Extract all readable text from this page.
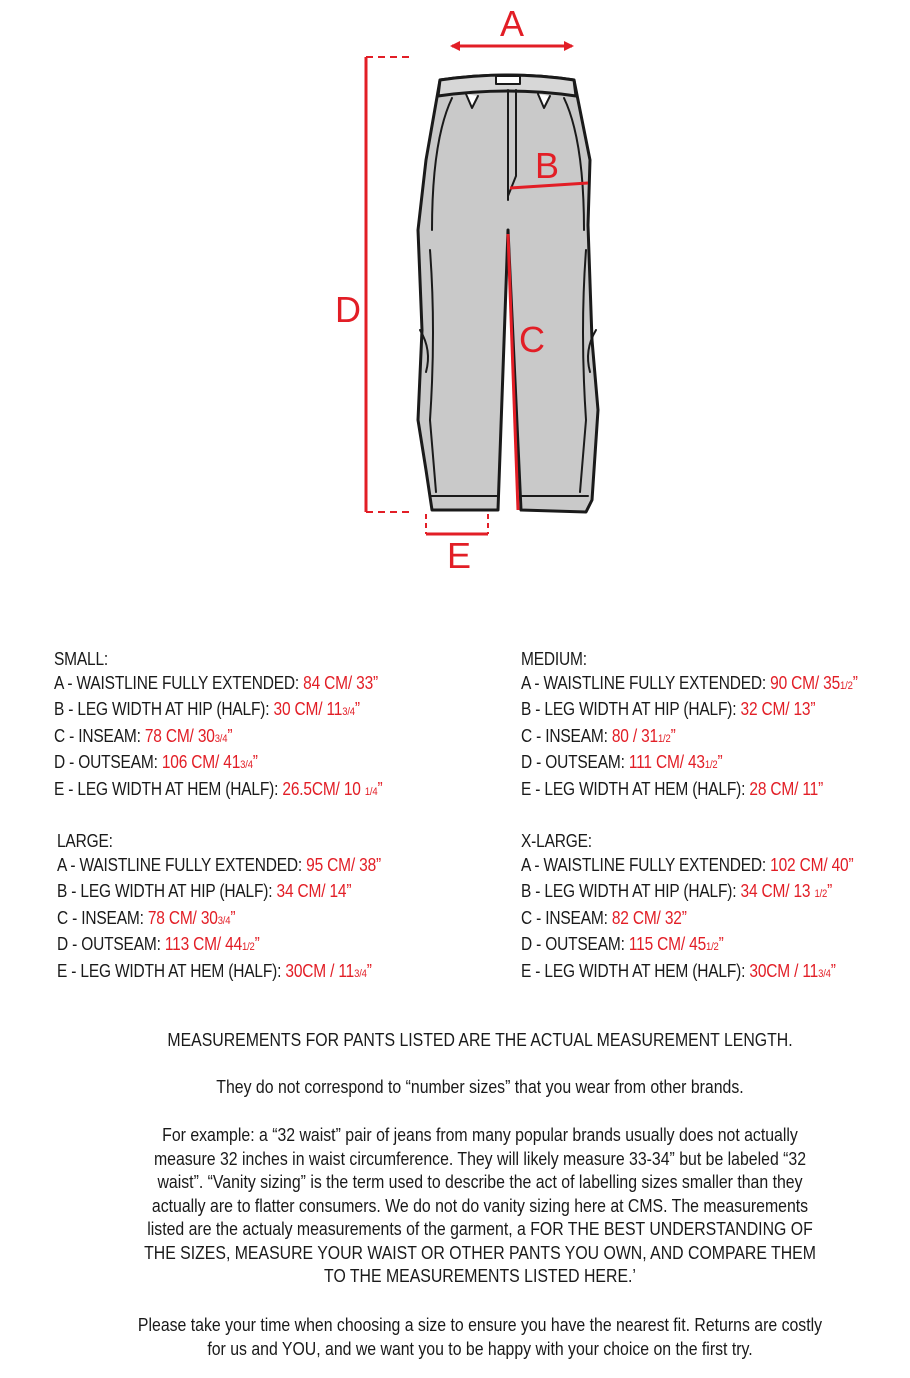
A
B
C
D
E
SMALL:
A - WAISTLINE FULLY EXTENDED: 84 CM/ 33”
B - LEG WIDTH AT HIP (HALF): 30 CM/ 113/4”
C - INSEAM: 78 CM/ 303/4”
D - OUTSEAM: 106 CM/ 413/4”
E - LEG WIDTH AT HEM (HALF): 26.5CM/ 10 1/4”
MEDIUM:
A - WAISTLINE FULLY EXTENDED: 90 CM/ 351/2”
B - LEG WIDTH AT HIP (HALF): 32 CM/ 13”
C - INSEAM: 80 / 311/2”
D - OUTSEAM: 111 CM/ 431/2”
E - LEG WIDTH AT HEM (HALF): 28 CM/ 11”
LARGE:
A - WAISTLINE FULLY EXTENDED: 95 CM/ 38”
B - LEG WIDTH AT HIP (HALF): 34 CM/ 14”
C - INSEAM: 78 CM/ 303/4”
D - OUTSEAM: 113 CM/ 441/2”
E - LEG WIDTH AT HEM (HALF): 30CM / 113/4”
X-LARGE:
A - WAISTLINE FULLY EXTENDED: 102 CM/ 40”
B - LEG WIDTH AT HIP (HALF): 34 CM/ 13 1/2”
C - INSEAM: 82 CM/ 32”
D - OUTSEAM: 115 CM/ 451/2”
E - LEG WIDTH AT HEM (HALF): 30CM / 113/4”

MEASUREMENTS FOR PANTS LISTED ARE THE ACTUAL MEASUREMENT LENGTH.

They do not correspond to “number sizes” that you wear from other brands.

For example: a “32 waist” pair of jeans from many popular brands usually does not actually measure 32 inches in waist circumference. They will likely measure 33-34” but be labeled “32 waist”. “Vanity sizing” is the term used to describe the act of labelling sizes smaller than they actually are to flatter consumers. We do not do vanity sizing here at CMS. The measurements listed are the actualy measurements of the garment, a FOR THE BEST UNDERSTANDING OF THE SIZES, MEASURE YOUR WAIST OR OTHER PANTS YOU OWN, AND COMPARE THEM TO THE MEASUREMENTS LISTED HERE.’

Please take your time when choosing a size to ensure you have the nearest fit. Returns are costly for us and YOU, and we want you to be happy with your choice on the first try.
